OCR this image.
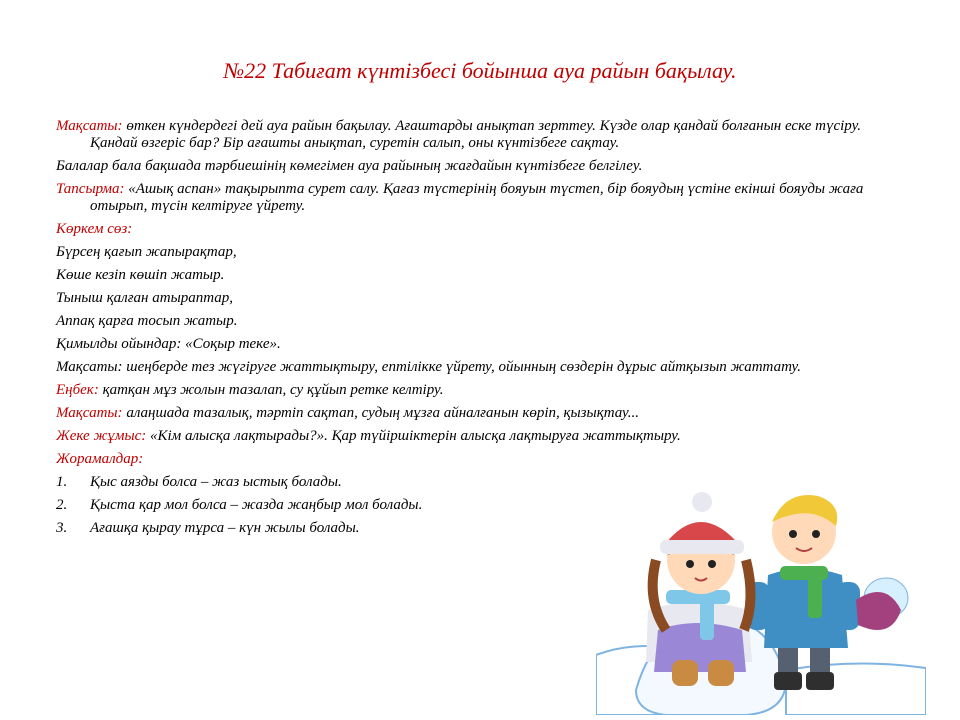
№22 Табиғат күнтізбесі бойынша ауа райын бақылау.

Мақсаты: өткен күндердегі дей ауа райын бақылау. Ағаштарды анықтап зерттеу. Күзде олар қандай болғанын еске түсіру. Қандай өзгеріс бар? Бір ағашты анықтап, суретін салып, оны күнтізбеге сақтау.

Балалар бала бақшада тәрбиешінің көмегімен ауа райының жағдайын күнтізбеге белгілеу.

Тапсырма: «Ашық аспан» тақырыпта сурет салу. Қағаз түстерінің бояуын түстеп, бір бояудың үстіне екінші бояуды жаға отырып, түсін келтіруге үйрету.

Көркем сөз:

Бүрсең қағып жапырақтар,

Көше кезіп көшіп жатыр.

Тыныш қалған атыраптар,

Аппақ қарға тосып жатыр.

Қимылды ойындар: «Соқыр теке».

Мақсаты: шеңберде тез жүгіруге жаттықтыру, ептілікке үйрету, ойынның сөздерін дұрыс айтқызып жаттату.

Еңбек: қатқан мұз жолын тазалап, су құйып ретке келтіру.

Мақсаты: алаңшада тазалық, тәртіп сақтап, судың мұзға айналғанын көріп, қызықтау...

Жеке жұмыс: «Кім алысқа лақтырады?». Қар түйіршіктерін алысқа лақтыруға жаттықтыру.

Жорамалдар:

1. Қыс аязды болса – жаз ыстық болады.
2. Қыста қар мол болса – жазда жаңбыр мол болады.
3. Ағашқа қырау тұрса – күн жылы болады.
